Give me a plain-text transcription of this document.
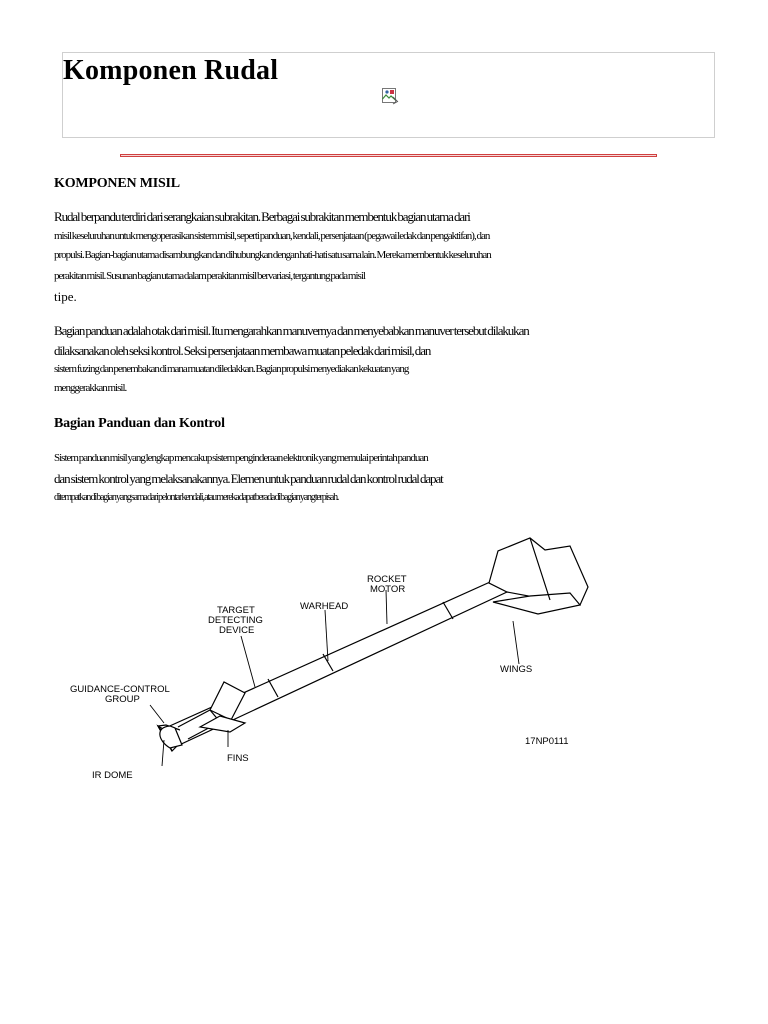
Komponen Rudal

KOMPONEN MISIL

Rudal berpandu terdiri dari serangkaian subrakitan. Berbagai subrakitan membentuk bagian utama dari

misil keseluruhan untuk mengoperasikan sistem misil, seperti panduan, kendali, persenjataan (pegawai ledak dan pengaktifan), dan

propulsi. Bagian-bagian utama disambungkan dan dihubungkan dengan hati-hati satu sama lain. Mereka membentuk keseluruhan

perakitan misil. Susunan bagian utama dalam perakitan misil bervariasi, tergantung pada misil

tipe.

Bagian panduan adalah otak dari misil. Itu mengarahkan manuvernya dan menyebabkan manuver tersebut dilakukan

dilaksanakan oleh seksi kontrol. Seksi persenjataan membawa muatan peledak dari misil, dan

sistem fuzing dan penembakan di mana muatan diledakkan. Bagian propulsi menyediakan kekuatan yang

menggerakkan misil.

Bagian Panduan dan Kontrol

Sistem panduan misil yang lengkap mencakup sistem penginderaan elektronik yang memulai perintah panduan

dan sistem kontrol yang melaksanakannya. Elemen untuk panduan rudal dan kontrol rudal dapat

ditempatkan di bagian yang sama dari pelontar kendali, atau mereka dapat berada di bagian yang terpisah.

ROCKET
MOTOR
TARGET
DETECTING
DEVICE
WARHEAD
WINGS
GUIDANCE-CONTROL
GROUP
FINS
IR DOME
17NP0111
